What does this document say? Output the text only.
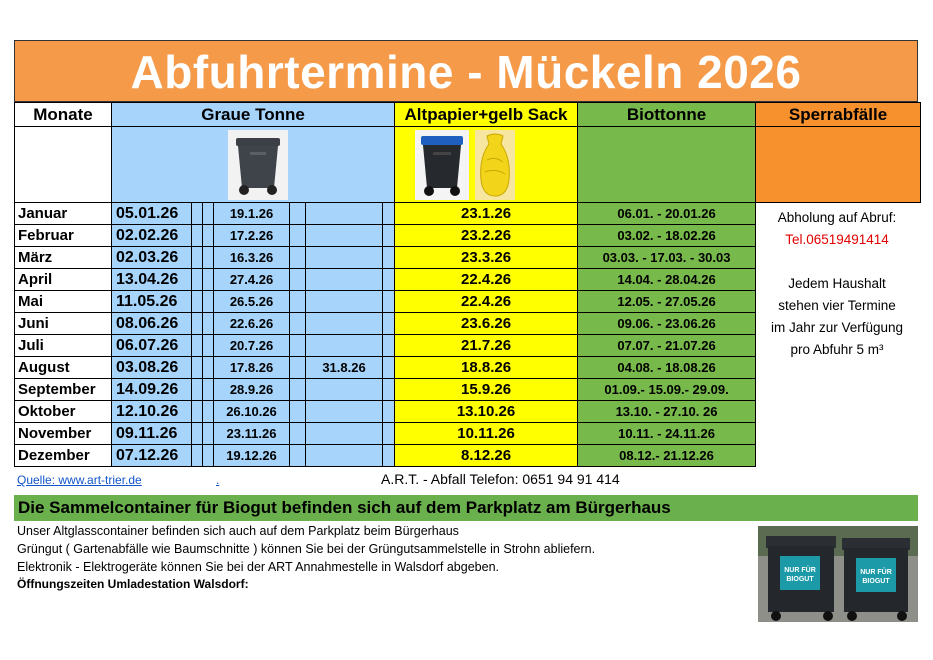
Abfuhrtermine - Mückeln 2026
Monate	Graue Tonne							Altpapier+gelb Sack	Biottonne	Sperrabfälle

Januar	05.01.26			19.1.26				23.1.26	06.01. - 20.01.26	
Februar	02.02.26			17.2.26				23.2.26	03.02. - 18.02.26	
März	02.03.26			16.3.26				23.3.26	03.03. - 17.03. - 30.03	
April	13.04.26			27.4.26				22.4.26	14.04. - 28.04.26	
Mai	11.05.26			26.5.26				22.4.26	12.05. - 27.05.26	
Juni	08.06.26			22.6.26				23.6.26	09.06. - 23.06.26	
Juli	06.07.26			20.7.26				21.7.26	07.07. - 21.07.26	
August	03.08.26			17.8.26		31.8.26		18.8.26	04.08. - 18.08.26	
September	14.09.26			28.9.26				15.9.26	01.09.- 15.09.- 29.09.	
Oktober	12.10.26			26.10.26				13.10.26	13.10. - 27.10. 26	
November	09.11.26			23.11.26				10.11.26	10.11. - 24.11.26	
Dezember	07.12.26			19.12.26				8.12.26	08.12.- 21.12.26	
Abholung auf Abruf:
Tel.06519491414
Jedem Haushalt
stehen vier Termine
im Jahr zur Verfügung
pro Abfuhr 5 m³
Quelle: www.art-trier.de	.	A.R.T. - Abfall Telefon: 0651 94 91 414
Die Sammelcontainer für Biogut befinden sich auf dem Parkplatz am Bürgerhaus
Unser Altglasscontainer befinden sich auch auf dem Parkplatz beim Bürgerhaus
Grüngut ( Gartenabfälle wie Baumschnitte ) können Sie bei der Grüngutsammelstelle in Strohn abliefern.
Elektronik - Elektrogeräte können Sie bei der ART Annahmestelle in Walsdorf abgeben.
Öffnungszeiten Umladestation Walsdorf:
NUR FÜR
BIOGUT
NUR FÜR
BIOGUT
